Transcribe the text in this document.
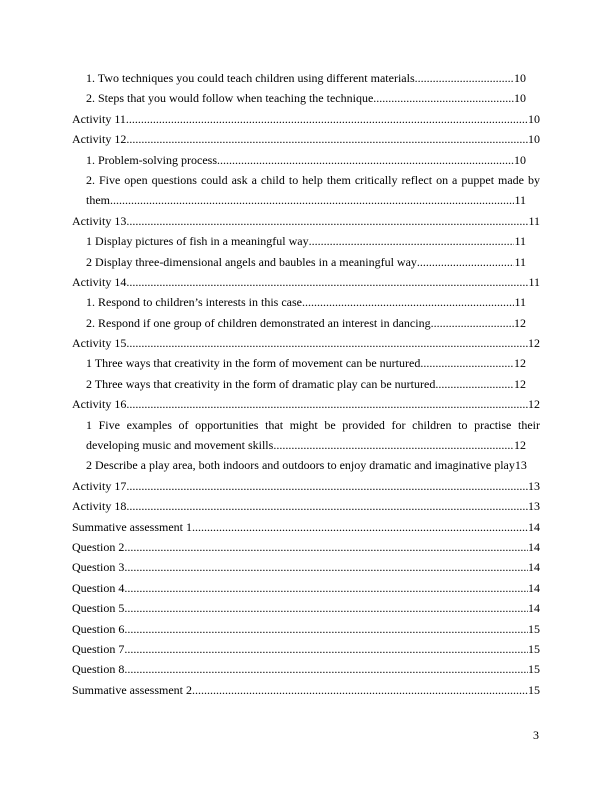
1. Two techniques you could teach children using different materials .....	10
2. Steps that you would follow when teaching the technique .....	10
Activity 11 .....	10
Activity 12 .....	10
1. Problem-solving process .....	10
2. Five open questions could ask a child to help them critically reflect on a puppet made by
them .....	11
Activity 13 .....	11
1 Display pictures of fish in a meaningful way .....	11
2 Display three-dimensional angels and baubles in a meaningful way .....	11
Activity 14 .....	11
1. Respond to children’s interests in this case .....	11
2. Respond if one group of children demonstrated an interest in dancing .....	12
Activity 15 .....	12
1 Three ways that creativity in the form of movement can be nurtured .....	12
2 Three ways that creativity in the form of dramatic play can be nurtured .....	12
Activity 16 .....	12
1 Five examples of opportunities that might be provided for children to practise their
developing music and movement skills .....	12
2 Describe a play area, both indoors and outdoors to enjoy dramatic and imaginative play 13
Activity 17 .....	13
Activity 18 .....	13
Summative assessment 1 .....	14
Question 2 .....	14
Question 3 .....	14
Question 4 .....	14
Question 5 .....	14
Question 6 .....	15
Question 7 .....	15
Question 8 .....	15
Summative assessment 2 .....	15
3
